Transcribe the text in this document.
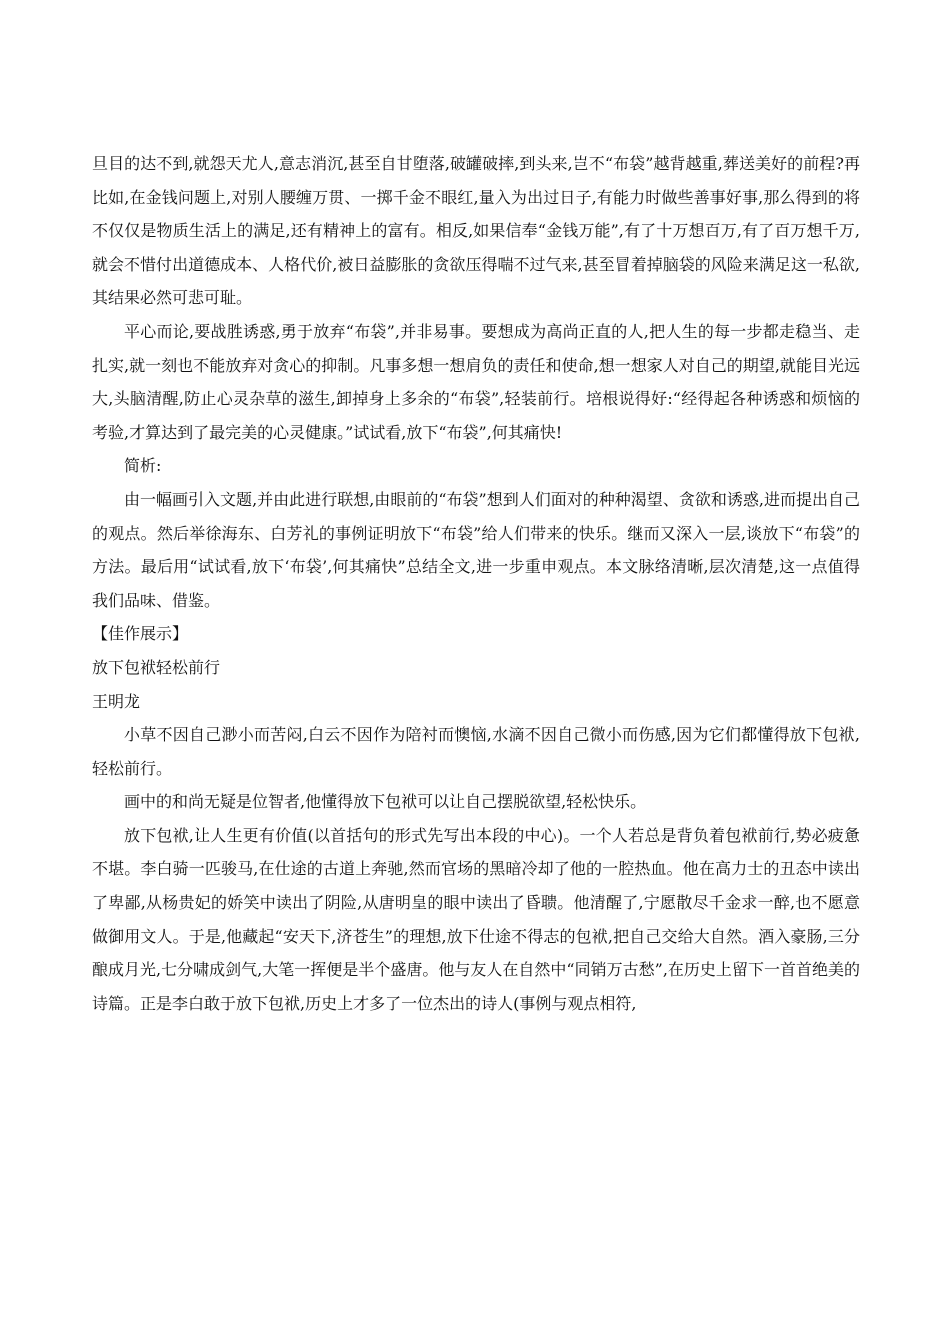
旦目的达不到,就怨天尤人,意志消沉,甚至自甘堕落,破罐破摔,到头来,岂不“布袋”越背越重,葬送美好的前程?再比如,在金钱问题上,对别人腰缠万贯、一掷千金不眼红,量入为出过日子,有能力时做些善事好事,那么得到的将不仅仅是物质生活上的满足,还有精神上的富有。相反,如果信奉“金钱万能”,有了十万想百万,有了百万想千万,就会不惜付出道德成本、人格代价,被日益膨胀的贪欲压得喘不过气来,甚至冒着掉脑袋的风险来满足这一私欲,其结果必然可悲可耻。

平心而论,要战胜诱惑,勇于放弃“布袋”,并非易事。要想成为高尚正直的人,把人生的每一步都走稳当、走扎实,就一刻也不能放弃对贪心的抑制。凡事多想一想肩负的责任和使命,想一想家人对自己的期望,就能目光远大,头脑清醒,防止心灵杂草的滋生,卸掉身上多余的“布袋”,轻装前行。培根说得好:“经得起各种诱惑和烦恼的考验,才算达到了最完美的心灵健康。”试试看,放下“布袋”,何其痛快!

简析:

由一幅画引入文题,并由此进行联想,由眼前的“布袋”想到人们面对的种种渴望、贪欲和诱惑,进而提出自己的观点。然后举徐海东、白芳礼的事例证明放下“布袋”给人们带来的快乐。继而又深入一层,谈放下“布袋”的方法。最后用“试试看,放下‘布袋’,何其痛快”总结全文,进一步重申观点。本文脉络清晰,层次清楚,这一点值得我们品味、借鉴。

【佳作展示】

放下包袱轻松前行

王明龙

小草不因自己渺小而苦闷,白云不因作为陪衬而懊恼,水滴不因自己微小而伤感,因为它们都懂得放下包袱,轻松前行。

画中的和尚无疑是位智者,他懂得放下包袱可以让自己摆脱欲望,轻松快乐。

放下包袱,让人生更有价值(以首括句的形式先写出本段的中心)。一个人若总是背负着包袱前行,势必疲惫不堪。李白骑一匹骏马,在仕途的古道上奔驰,然而官场的黑暗冷却了他的一腔热血。他在高力士的丑态中读出了卑鄙,从杨贵妃的娇笑中读出了阴险,从唐明皇的眼中读出了昏聩。他清醒了,宁愿散尽千金求一醉,也不愿意做御用文人。于是,他藏起“安天下,济苍生”的理想,放下仕途不得志的包袱,把自己交给大自然。酒入豪肠,三分酿成月光,七分啸成剑气,大笔一挥便是半个盛唐。他与友人在自然中“同销万古愁”,在历史上留下一首首绝美的诗篇。正是李白敢于放下包袱,历史上才多了一位杰出的诗人(事例与观点相符,
